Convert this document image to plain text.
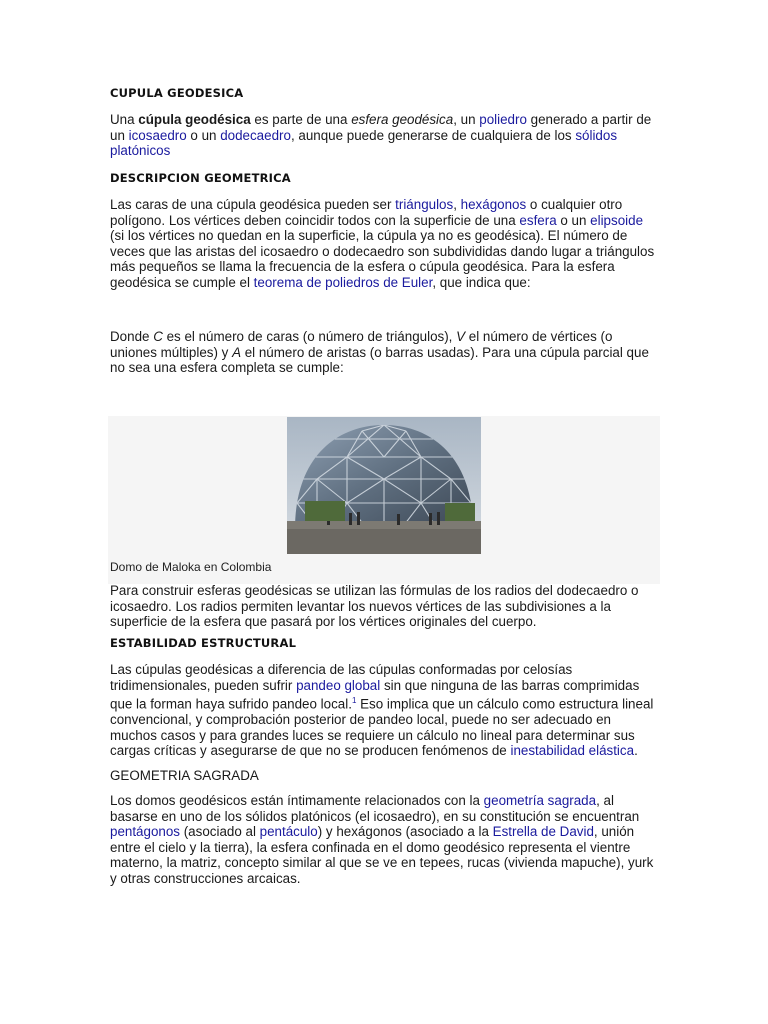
CUPULA GEODESICA

Una cúpula geodésica es parte de una esfera geodésica, un poliedro generado a partir de un icosaedro o un dodecaedro, aunque puede generarse de cualquiera de los sólidos platónicos

DESCRIPCION GEOMETRICA

Las caras de una cúpula geodésica pueden ser triángulos, hexágonos o cualquier otro polígono. Los vértices deben coincidir todos con la superficie de una esfera o un elipsoide (si los vértices no quedan en la superficie, la cúpula ya no es geodésica). El número de veces que las aristas del icosaedro o dodecaedro son subdivididas dando lugar a triángulos más pequeños se llama la frecuencia de la esfera o cúpula geodésica. Para la esfera geodésica se cumple el teorema de poliedros de Euler, que indica que:

Donde C es el número de caras (o número de triángulos), V el número de vértices (o uniones múltiples) y A el número de aristas (o barras usadas). Para una cúpula parcial que no sea una esfera completa se cumple:

Domo de Maloka en Colombia

Para construir esferas geodésicas se utilizan las fórmulas de los radios del dodecaedro o icosaedro. Los radios permiten levantar los nuevos vértices de las subdivisiones a la superficie de la esfera que pasará por los vértices originales del cuerpo.

ESTABILIDAD ESTRUCTURAL

Las cúpulas geodésicas a diferencia de las cúpulas conformadas por celosías tridimensionales, pueden sufrir pandeo global sin que ninguna de las barras comprimidas que la forman haya sufrido pandeo local.$^1$ Eso implica que un cálculo como estructura lineal convencional, y comprobación posterior de pandeo local, puede no ser adecuado en muchos casos y para grandes luces se requiere un cálculo no lineal para determinar sus cargas críticas y asegurarse de que no se producen fenómenos de inestabilidad elástica.

Los domos geodésicos están íntimamente relacionados con la geometría sagrada, al basarse en uno de los sólidos platónicos (el icosaedro), en su constitución se encuentran pentágonos (asociado al pentáculo) y hexágonos (asociado a la Estrella de David, unión entre el cielo y la tierra), la esfera confinada en el domo geodésico representa el vientre materno, la matriz, concepto similar al que se ve en tepees, rucas (vivienda mapuche), yurk y otras construcciones arcaicas.

GEOMETRIA SAGRADA
